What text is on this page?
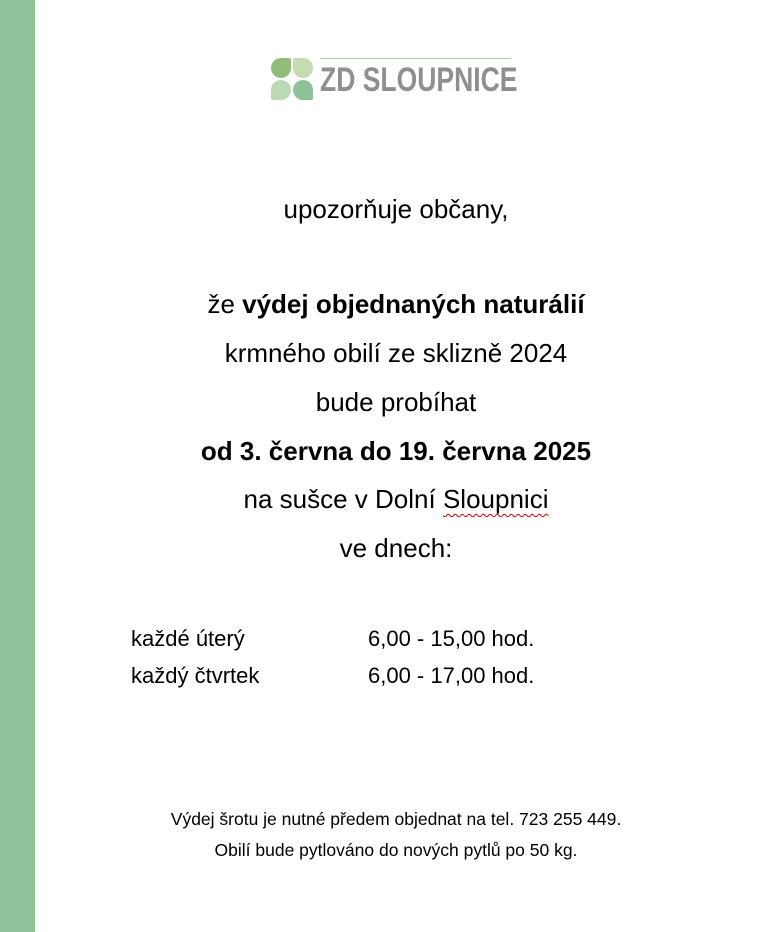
ZD SLOUPNICE
upozorňuje občany,
že výdej objednaných naturálií
krmného obilí ze sklizně 2024
bude probíhat
od 3. června do 19. června 2025
na sušce v Dolní Sloupnici
ve dnech:
každé úterý	6,00 - 15,00 hod.
každý čtvrtek	6,00 - 17,00 hod.
Výdej šrotu je nutné předem objednat na tel. 723 255 449.
Obilí bude pytlováno do nových pytlů po 50 kg.
